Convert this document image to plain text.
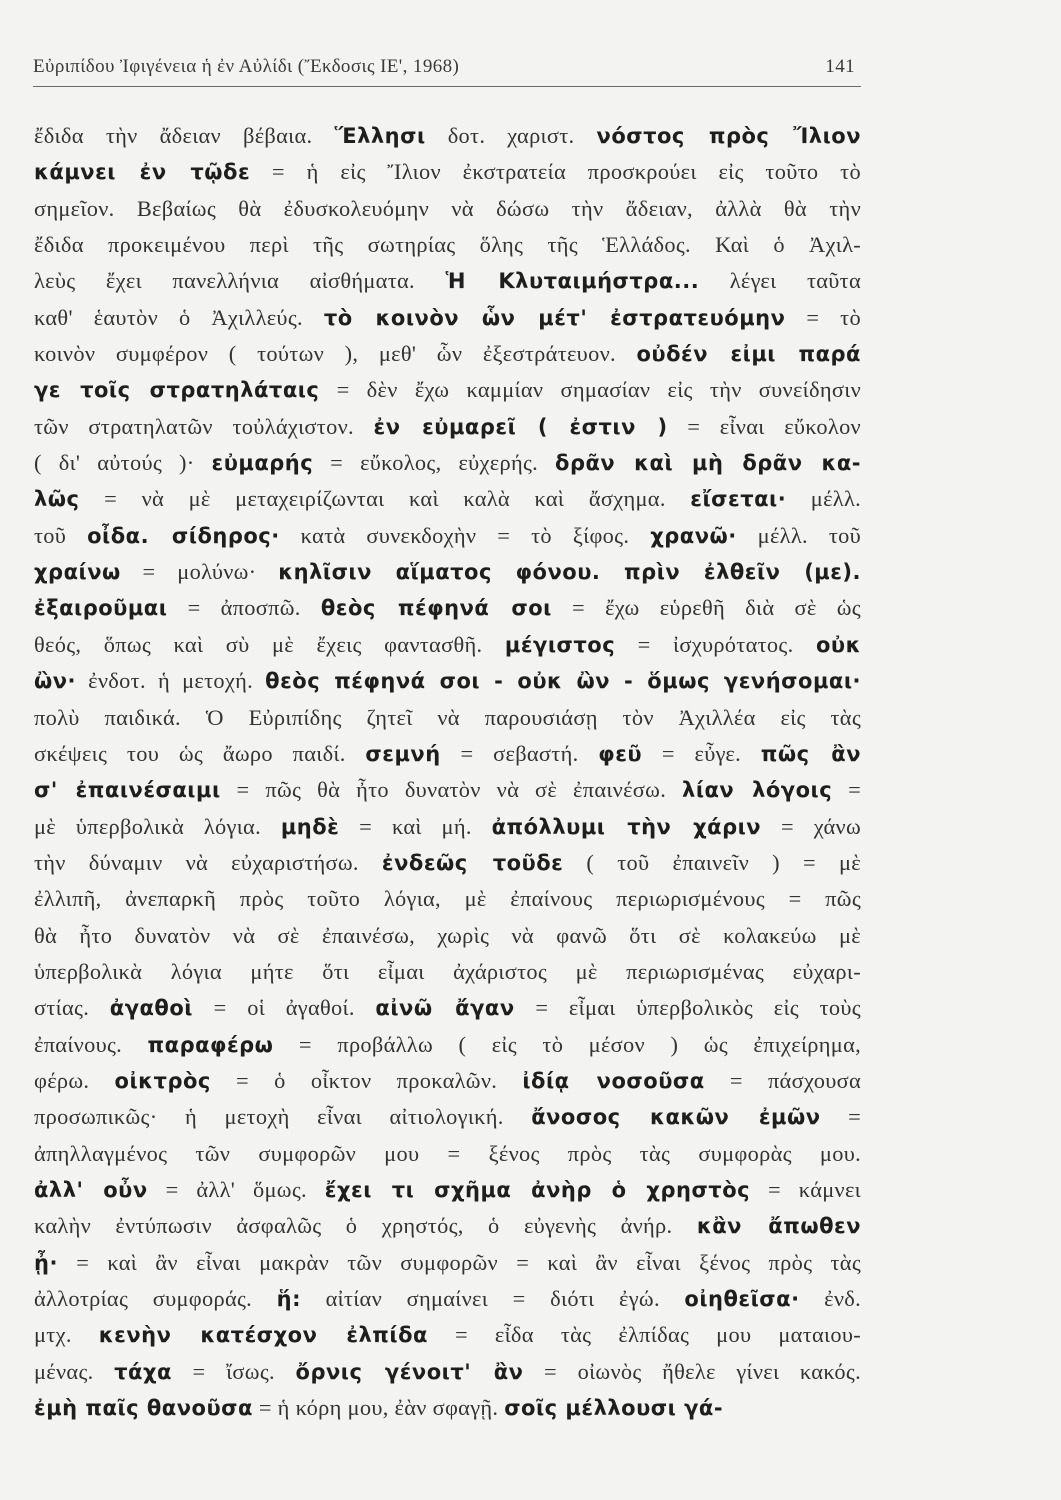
Εὐριπίδου Ἰφιγένεια ἡ ἐν Αὐλίδι (Ἔκδοσις ΙΕ', 1968)	141
ἔδιδα τὴν ἄδειαν βέβαια. Ἕλλησι δοτ. χαριστ. νόστος πρὸς Ἴλιον
κάμνει ἐν τῷδε = ἡ εἰς Ἴλιον ἐκστρατεία προσκρούει εἰς τοῦτο τὸ
σημεῖον. Βεβαίως θὰ ἐδυσκολευόμην νὰ δώσω τὴν ἄδειαν, ἀλλὰ θὰ τὴν
ἔδιδα προκειμένου περὶ τῆς σωτηρίας ὅλης τῆς Ἑλλάδος. Καὶ ὁ Ἀχιλ-
λεὺς ἔχει πανελλήνια αἰσθήματα. Ἡ Κλυταιμήστρα... λέγει ταῦτα
καθ' ἑαυτὸν ὁ Ἀχιλλεύς. τὸ κοινὸν ὧν μέτ' ἐστρατευόμην = τὸ
κοινὸν συμφέρον ( τούτων ), μεθ' ὧν ἐξεστράτευον. οὐδέν εἰμι παρά
γε τοῖς στρατηλάταις = δὲν ἔχω καμμίαν σημασίαν εἰς τὴν συνείδησιν
τῶν στρατηλατῶν τοὐλάχιστον. ἐν εὐμαρεῖ ( ἐστιν ) = εἶναι εὔκολον
( δι' αὐτούς )· εὐμαρής = εὔκολος, εὐχερής. δρᾶν καὶ μὴ δρᾶν κα-
λῶς = νὰ μὲ μεταχειρίζωνται καὶ καλὰ καὶ ἄσχημα. εἴσεται· μέλλ.
τοῦ οἶδα. σίδηρος· κατὰ συνεκδοχὴν = τὸ ξίφος. χρανῶ· μέλλ. τοῦ
χραίνω = μολύνω· κηλῖσιν αἵματος φόνου. πρὶν ἐλθεῖν (με).
ἐξαιροῦμαι = ἀποσπῶ. θεὸς πέφηνά σοι = ἔχω εὑρεθῆ διὰ σὲ ὡς
θεός, ὅπως καὶ σὺ μὲ ἔχεις φαντασθῆ. μέγιστος = ἰσχυρότατος. οὐκ
ὢν· ἐνδοτ. ἡ μετοχή. θεὸς πέφηνά σοι - οὐκ ὢν - ὅμως γενήσομαι·
πολὺ παιδικά. Ὁ Εὐριπίδης ζητεῖ νὰ παρουσιάσῃ τὸν Ἀχιλλέα εἰς τὰς
σκέψεις του ὡς ἄωρο παιδί. σεμνή = σεβαστή. φεῦ = εὖγε. πῶς ἂν
σ' ἐπαινέσαιμι = πῶς θὰ ἦτο δυνατὸν νὰ σὲ ἐπαινέσω. λίαν λόγοις =
μὲ ὑπερβολικὰ λόγια. μηδὲ = καὶ μή. ἀπόλλυμι τὴν χάριν = χάνω
τὴν δύναμιν νὰ εὐχαριστήσω. ἐνδεῶς τοῦδε ( τοῦ ἐπαινεῖν ) = μὲ
ἐλλιπῆ, ἀνεπαρκῆ πρὸς τοῦτο λόγια, μὲ ἐπαίνους περιωρισμένους = πῶς
θὰ ἦτο δυνατὸν νὰ σὲ ἐπαινέσω, χωρὶς νὰ φανῶ ὅτι σὲ κολακεύω μὲ
ὑπερβολικὰ λόγια μήτε ὅτι εἶμαι ἀχάριστος μὲ περιωρισμένας εὐχαρι-
στίας. ἀγαθοὶ = οἱ ἀγαθοί. αἰνῶ ἄγαν = εἶμαι ὑπερβολικὸς εἰς τοὺς
ἐπαίνους. παραφέρω = προβάλλω ( εἰς τὸ μέσον ) ὡς ἐπιχείρημα,
φέρω. οἰκτρὸς = ὁ οἶκτον προκαλῶν. ἰδίᾳ νοσοῦσα = πάσχουσα
προσωπικῶς· ἡ μετοχὴ εἶναι αἰτιολογική. ἄνοσος κακῶν ἐμῶν =
ἀπηλλαγμένος τῶν συμφορῶν μου = ξένος πρὸς τὰς συμφορὰς μου.
ἀλλ' οὖν = ἀλλ' ὅμως. ἔχει τι σχῆμα ἀνὴρ ὁ χρηστὸς = κάμνει
καλὴν ἐντύπωσιν ἀσφαλῶς ὁ χρηστός, ὁ εὐγενὴς ἀνήρ. κἂν ἄπωθεν
ᾖ· = καὶ ἂν εἶναι μακρὰν τῶν συμφορῶν = καὶ ἂν εἶναι ξένος πρὸς τὰς
ἀλλοτρίας συμφοράς. ἥ: αἰτίαν σημαίνει = διότι ἐγώ. οἰηθεῖσα· ἐνδ.
μτχ. κενὴν κατέσχον ἐλπίδα = εἶδα τὰς ἐλπίδας μου ματαιου-
μένας. τάχα = ἴσως. ὄρνις γένοιτ' ἂν = οἰωνὸς ἤθελε γίνει κακός.
ἐμὴ παῖς θανοῦσα = ἡ κόρη μου, ἐὰν σφαγῇ. σοῖς μέλλουσι γά-
